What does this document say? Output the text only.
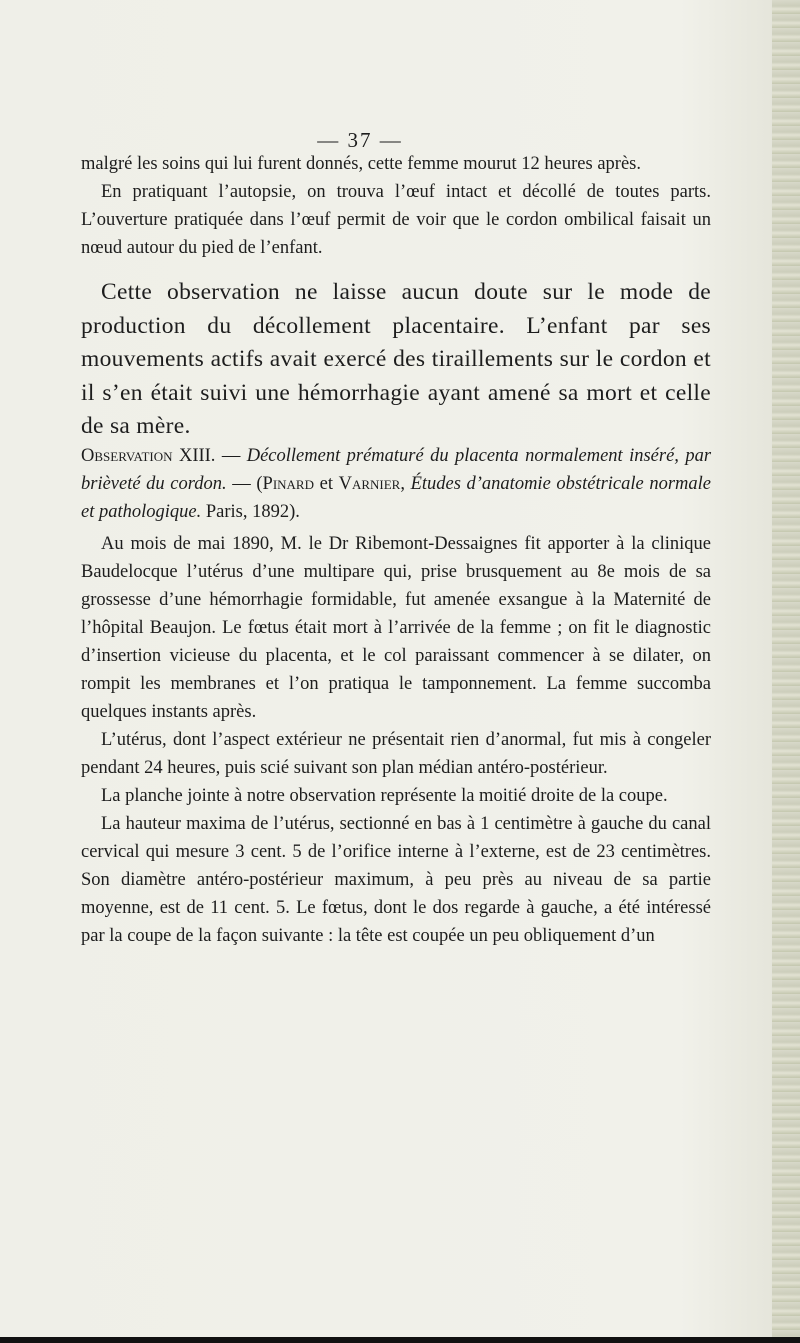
— 37 —

malgré les soins qui lui furent donnés, cette femme mourut 12 heures après.

En pratiquant l’autopsie, on trouva l’œuf intact et décollé de toutes parts. L’ouverture pratiquée dans l’œuf permit de voir que le cordon ombilical faisait un nœud autour du pied de l’enfant.

Cette observation ne laisse aucun doute sur le mode de production du décollement placentaire. L’enfant par ses mouvements actifs avait exercé des tiraillements sur le cordon et il s’en était suivi une hémorrhagie ayant amené sa mort et celle de sa mère.

Observation XIII. — Décollement prématuré du placenta normalement inséré, par brièveté du cordon. — (Pinard et Varnier, Études d’anatomie obstétricale normale et pathologique. Paris, 1892).

Au mois de mai 1890, M. le Dr Ribemont-Dessaignes fit apporter à la clinique Baudelocque l’utérus d’une multipare qui, prise brusquement au 8e mois de sa grossesse d’une hémorrhagie formidable, fut amenée exsangue à la Maternité de l’hôpital Beaujon. Le fœtus était mort à l’arrivée de la femme ; on fit le diagnostic d’insertion vicieuse du placenta, et le col paraissant commencer à se dilater, on rompit les membranes et l’on pratiqua le tamponnement. La femme succomba quelques instants après.

L’utérus, dont l’aspect extérieur ne présentait rien d’anormal, fut mis à congeler pendant 24 heures, puis scié suivant son plan médian antéro-postérieur.

La planche jointe à notre observation représente la moitié droite de la coupe.

La hauteur maxima de l’utérus, sectionné en bas à 1 centimètre à gauche du canal cervical qui mesure 3 cent. 5 de l’orifice interne à l’externe, est de 23 centimètres. Son diamètre antéro-postérieur maximum, à peu près au niveau de sa partie moyenne, est de 11 cent. 5. Le fœtus, dont le dos regarde à gauche, a été intéressé par la coupe de la façon suivante : la tête est coupée un peu obliquement d’un
